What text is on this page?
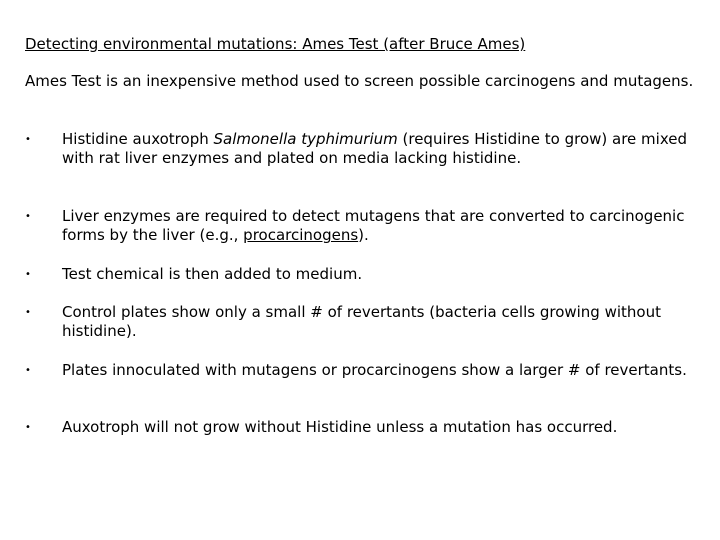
Detecting environmental mutations: Ames Test (after Bruce Ames)

Ames Test is an inexpensive method used to screen possible carcinogens and mutagens.

•	Histidine auxotroph Salmonella typhimurium (requires Histidine to grow) are mixed with rat liver enzymes and plated on media lacking histidine.
•	Liver enzymes are required to detect mutagens that are converted to carcinogenic forms by the liver (e.g., procarcinogens).
•	Test chemical is then added to medium.
•	Control plates show only a small # of revertants (bacteria cells growing without histidine).
•	Plates innoculated with mutagens or procarcinogens show a larger # of revertants.
•	Auxotroph will not grow without Histidine unless a mutation has occurred.
